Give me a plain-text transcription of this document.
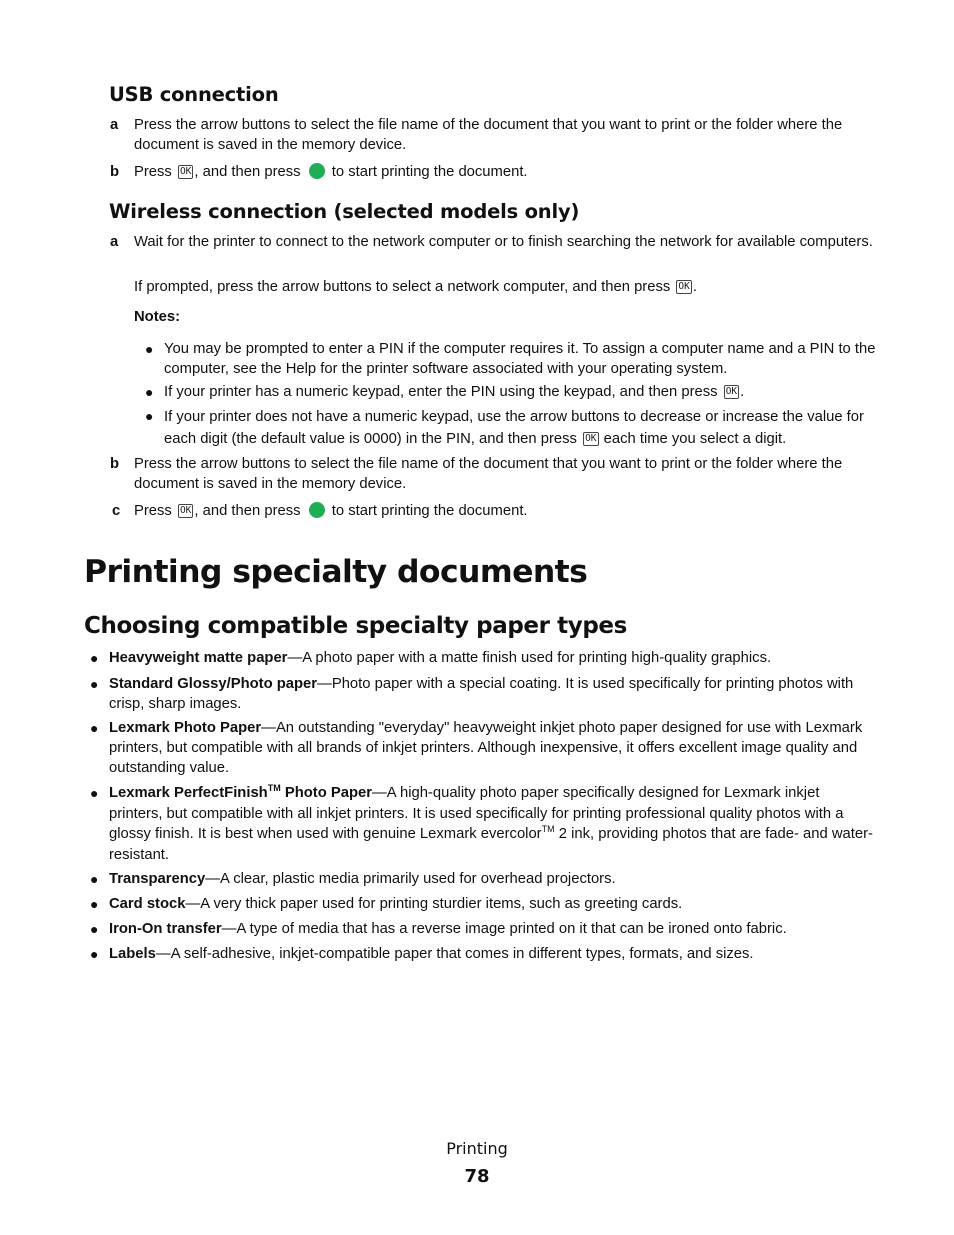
USB connection
a Press the arrow buttons to select the file name of the document that you want to print or the folder where the document is saved in the memory device.
b Press OK , and then press to start printing the document.
Wireless connection (selected models only)
a Wait for the printer to connect to the network computer or to finish searching the network for available computers.
If prompted, press the arrow buttons to select a network computer, and then press OK .
Notes:
● You may be prompted to enter a PIN if the computer requires it. To assign a computer name and a PIN to the computer, see the Help for the printer software associated with your operating system.
● If your printer has a numeric keypad, enter the PIN using the keypad, and then press OK .
● If your printer does not have a numeric keypad, use the arrow buttons to decrease or increase the value for each digit (the default value is 0000) in the PIN, and then press OK each time you select a digit.
b Press the arrow buttons to select the file name of the document that you want to print or the folder where the document is saved in the memory device.
c Press OK , and then press to start printing the document.
Printing specialty documents
Choosing compatible specialty paper types
● Heavyweight matte paper—A photo paper with a matte finish used for printing high-quality graphics.
● Standard Glossy/Photo paper—Photo paper with a special coating. It is used specifically for printing photos with crisp, sharp images.
● Lexmark Photo Paper—An outstanding "everyday" heavyweight inkjet photo paper designed for use with Lexmark printers, but compatible with all brands of inkjet printers. Although inexpensive, it offers excellent image quality and outstanding value.
● Lexmark PerfectFinish™ Photo Paper—A high-quality photo paper specifically designed for Lexmark inkjet printers, but compatible with all inkjet printers. It is used specifically for printing professional quality photos with a glossy finish. It is best when used with genuine Lexmark evercolor™ 2 ink, providing photos that are fade- and water-resistant.
● Transparency—A clear, plastic media primarily used for overhead projectors.
● Card stock—A very thick paper used for printing sturdier items, such as greeting cards.
● Iron-On transfer—A type of media that has a reverse image printed on it that can be ironed onto fabric.
● Labels—A self-adhesive, inkjet-compatible paper that comes in different types, formats, and sizes.
Printing
78
